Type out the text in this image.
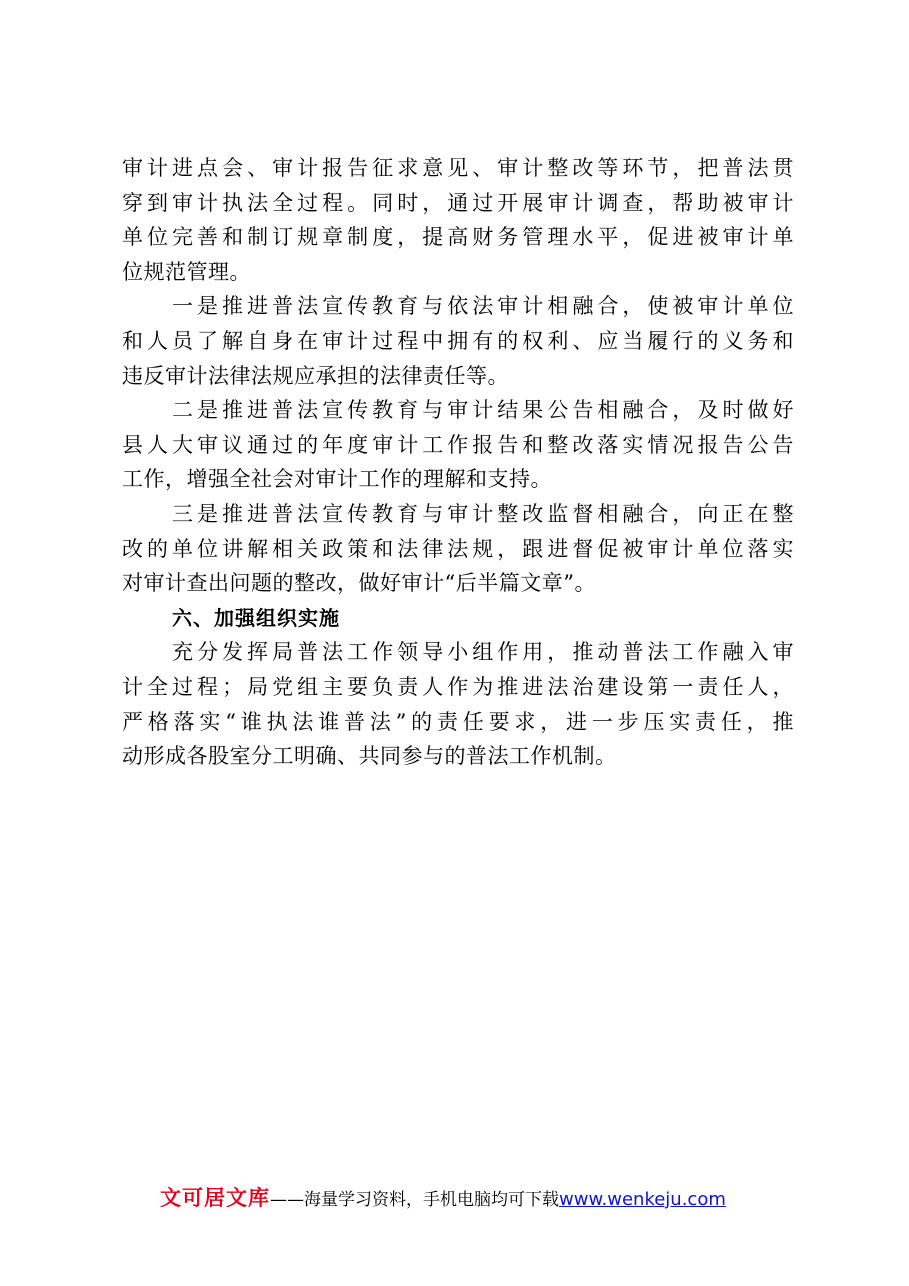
审计进点会、审计报告征求意见、审计整改等环节，把普法贯
穿到审计执法全过程。同时，通过开展审计调查，帮助被审计
单位完善和制订规章制度，提高财务管理水平，促进被审计单
位规范管理。
一是推进普法宣传教育与依法审计相融合，使被审计单位
和人员了解自身在审计过程中拥有的权利、应当履行的义务和
违反审计法律法规应承担的法律责任等。
二是推进普法宣传教育与审计结果公告相融合，及时做好
县人大审议通过的年度审计工作报告和整改落实情况报告公告
工作，增强全社会对审计工作的理解和支持。
三是推进普法宣传教育与审计整改监督相融合，向正在整
改的单位讲解相关政策和法律法规，跟进督促被审计单位落实
对审计查出问题的整改，做好审计“后半篇文章”。
六、加强组织实施
充分发挥局普法工作领导小组作用，推动普法工作融入审
计全过程；局党组主要负责人作为推进法治建设第一责任人，
严格落实“谁执法谁普法”的责任要求，进一步压实责任，推
动形成各股室分工明确、共同参与的普法工作机制。
文可居文库——海量学习资料，手机电脑均可下载www.wenkeju.com
